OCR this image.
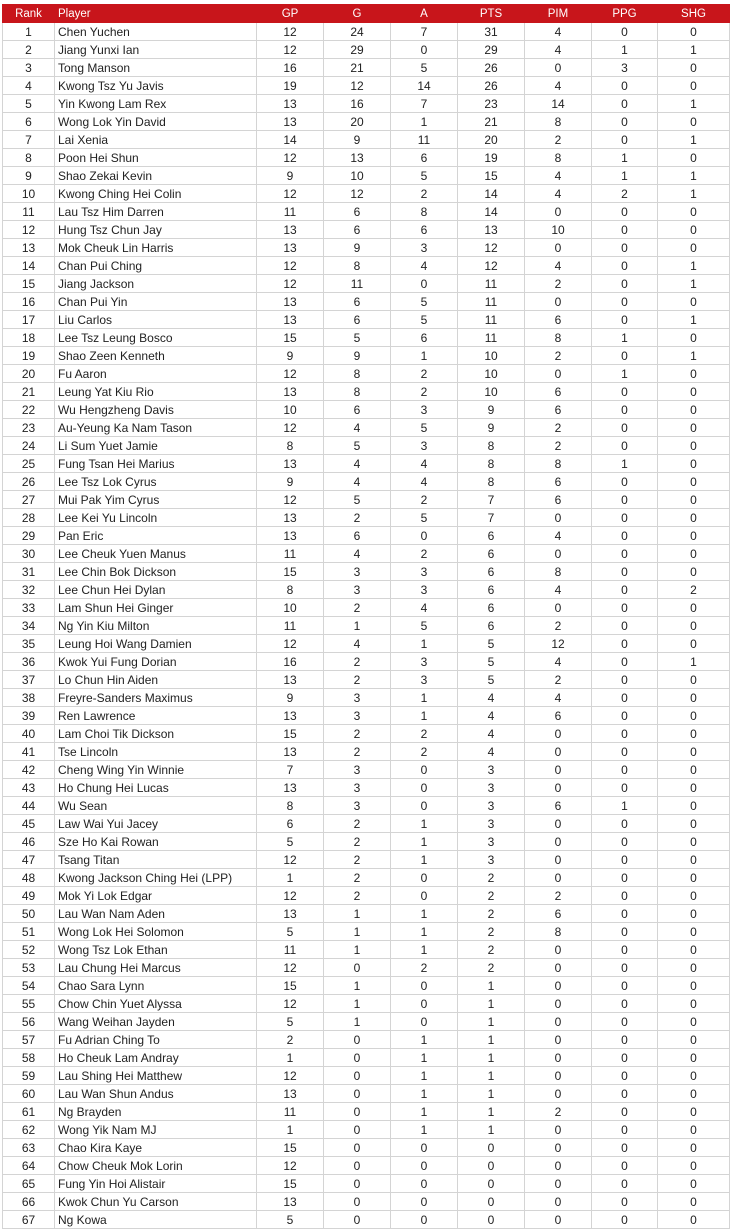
Rank	Player	GP	G	A	PTS	PIM	PPG	SHG
1	Chen Yuchen	12	24	7	31	4	0	0
2	Jiang Yunxi Ian	12	29	0	29	4	1	1
3	Tong Manson	16	21	5	26	0	3	0
4	Kwong Tsz Yu Javis	19	12	14	26	4	0	0
5	Yin Kwong Lam Rex	13	16	7	23	14	0	1
6	Wong Lok Yin David	13	20	1	21	8	0	0
7	Lai Xenia	14	9	11	20	2	0	1
8	Poon Hei Shun	12	13	6	19	8	1	0
9	Shao Zekai Kevin	9	10	5	15	4	1	1
10	Kwong Ching Hei Colin	12	12	2	14	4	2	1
11	Lau Tsz Him Darren	11	6	8	14	0	0	0
12	Hung Tsz Chun Jay	13	6	6	13	10	0	0
13	Mok Cheuk Lin Harris	13	9	3	12	0	0	0
14	Chan Pui Ching	12	8	4	12	4	0	1
15	Jiang Jackson	12	11	0	11	2	0	1
16	Chan Pui Yin	13	6	5	11	0	0	0
17	Liu Carlos	13	6	5	11	6	0	1
18	Lee Tsz Leung Bosco	15	5	6	11	8	1	0
19	Shao Zeen Kenneth	9	9	1	10	2	0	1
20	Fu Aaron	12	8	2	10	0	1	0
21	Leung Yat Kiu Rio	13	8	2	10	6	0	0
22	Wu Hengzheng Davis	10	6	3	9	6	0	0
23	Au-Yeung Ka Nam Tason	12	4	5	9	2	0	0
24	Li Sum Yuet Jamie	8	5	3	8	2	0	0
25	Fung Tsan Hei Marius	13	4	4	8	8	1	0
26	Lee Tsz Lok Cyrus	9	4	4	8	6	0	0
27	Mui Pak Yim Cyrus	12	5	2	7	6	0	0
28	Lee Kei Yu Lincoln	13	2	5	7	0	0	0
29	Pan Eric	13	6	0	6	4	0	0
30	Lee Cheuk Yuen Manus	11	4	2	6	0	0	0
31	Lee Chin Bok Dickson	15	3	3	6	8	0	0
32	Lee Chun Hei Dylan	8	3	3	6	4	0	2
33	Lam Shun Hei Ginger	10	2	4	6	0	0	0
34	Ng Yin Kiu Milton	11	1	5	6	2	0	0
35	Leung Hoi Wang Damien	12	4	1	5	12	0	0
36	Kwok Yui Fung Dorian	16	2	3	5	4	0	1
37	Lo Chun Hin Aiden	13	2	3	5	2	0	0
38	Freyre-Sanders Maximus	9	3	1	4	4	0	0
39	Ren Lawrence	13	3	1	4	6	0	0
40	Lam Choi Tik Dickson	15	2	2	4	0	0	0
41	Tse Lincoln	13	2	2	4	0	0	0
42	Cheng Wing Yin Winnie	7	3	0	3	0	0	0
43	Ho Chung Hei Lucas	13	3	0	3	0	0	0
44	Wu Sean	8	3	0	3	6	1	0
45	Law Wai Yui Jacey	6	2	1	3	0	0	0
46	Sze Ho Kai Rowan	5	2	1	3	0	0	0
47	Tsang Titan	12	2	1	3	0	0	0
48	Kwong Jackson Ching Hei (LPP)	1	2	0	2	0	0	0
49	Mok Yi Lok Edgar	12	2	0	2	2	0	0
50	Lau Wan Nam Aden	13	1	1	2	6	0	0
51	Wong Lok Hei Solomon	5	1	1	2	8	0	0
52	Wong Tsz Lok Ethan	11	1	1	2	0	0	0
53	Lau Chung Hei Marcus	12	0	2	2	0	0	0
54	Chao Sara Lynn	15	1	0	1	0	0	0
55	Chow Chin Yuet Alyssa	12	1	0	1	0	0	0
56	Wang Weihan Jayden	5	1	0	1	0	0	0
57	Fu Adrian Ching To	2	0	1	1	0	0	0
58	Ho Cheuk Lam Andray	1	0	1	1	0	0	0
59	Lau Shing Hei Matthew	12	0	1	1	0	0	0
60	Lau Wan Shun Andus	13	0	1	1	0	0	0
61	Ng Brayden	11	0	1	1	2	0	0
62	Wong Yik Nam MJ	1	0	1	1	0	0	0
63	Chao Kira Kaye	15	0	0	0	0	0	0
64	Chow Cheuk Mok Lorin	12	0	0	0	0	0	0
65	Fung Yin Hoi Alistair	15	0	0	0	0	0	0
66	Kwok Chun Yu Carson	13	0	0	0	0	0	0
67	Ng Kowa	5	0	0	0	0	0	0
